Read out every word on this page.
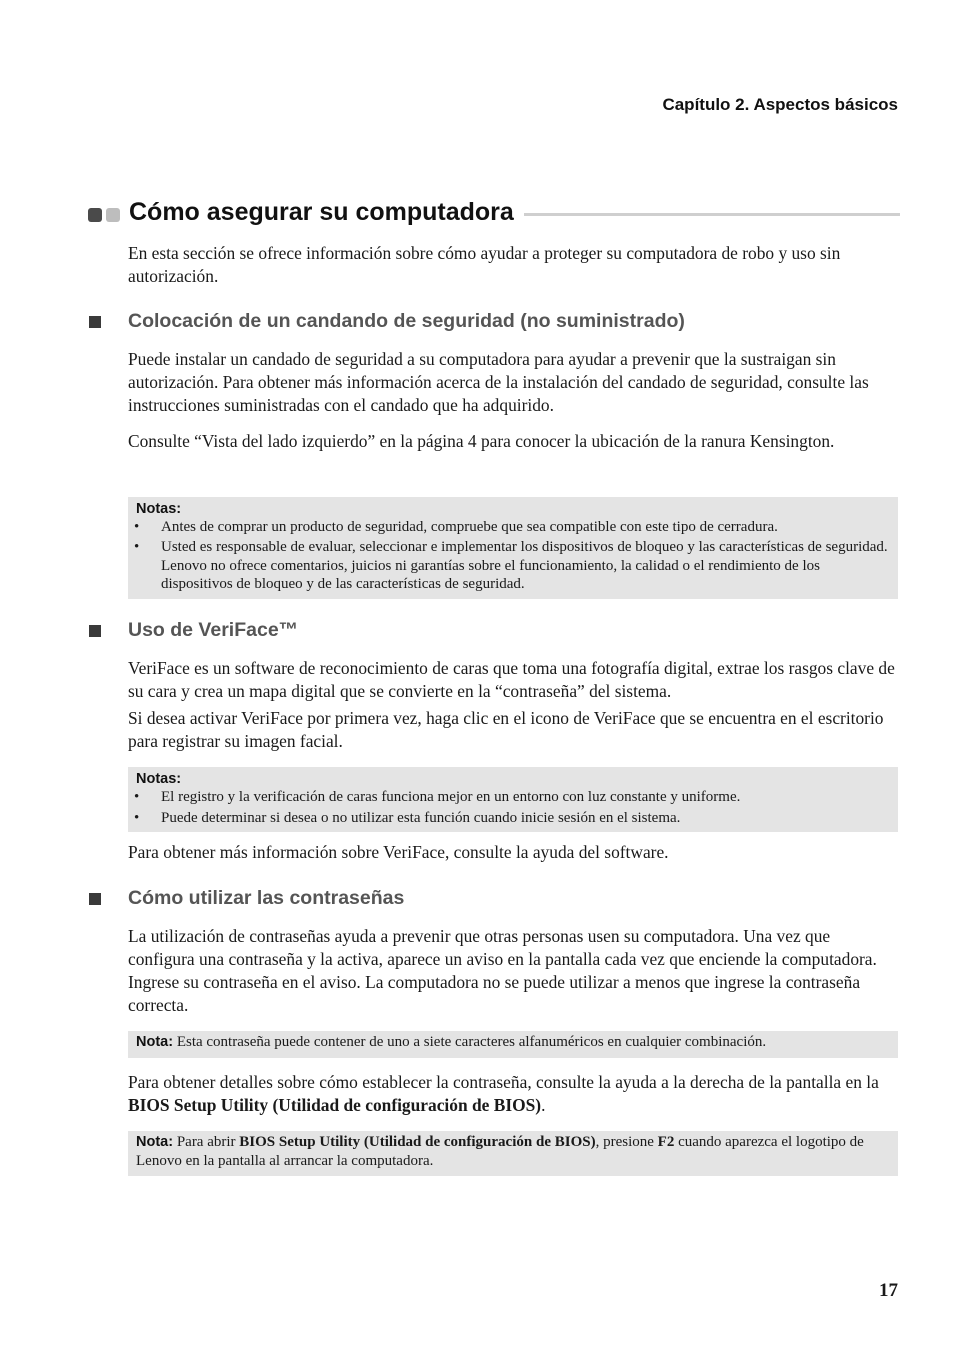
Capítulo 2. Aspectos básicos
Cómo asegurar su computadora

En esta sección se ofrece información sobre cómo ayudar a proteger su computadora de robo y uso sin autorización.

Colocación de un candando de seguridad (no suministrado)

Puede instalar un candado de seguridad a su computadora para ayudar a prevenir que la sustraigan sin autorización. Para obtener más información acerca de la instalación del candado de seguridad, consulte las instrucciones suministradas con el candado que ha adquirido.

Consulte “Vista del lado izquierdo” en la página 4 para conocer la ubicación de la ranura Kensington.

Notas:
• Antes de comprar un producto de seguridad, compruebe que sea compatible con este tipo de cerradura.
• Usted es responsable de evaluar, seleccionar e implementar los dispositivos de bloqueo y las características de seguridad. Lenovo no ofrece comentarios, juicios ni garantías sobre el funcionamiento, la calidad o el rendimiento de los dispositivos de bloqueo y de las características de seguridad.
Uso de VeriFace™

VeriFace es un software de reconocimiento de caras que toma una fotografía digital, extrae los rasgos clave de su cara y crea un mapa digital que se convierte en la “contraseña” del sistema.

Si desea activar VeriFace por primera vez, haga clic en el icono de VeriFace que se encuentra en el escritorio para registrar su imagen facial.

Notas:
• El registro y la verificación de caras funciona mejor en un entorno con luz constante y uniforme.
• Puede determinar si desea o no utilizar esta función cuando inicie sesión en el sistema.

Para obtener más información sobre VeriFace, consulte la ayuda del software.

Cómo utilizar las contraseñas

La utilización de contraseñas ayuda a prevenir que otras personas usen su computadora. Una vez que configura una contraseña y la activa, aparece un aviso en la pantalla cada vez que enciende la computadora. Ingrese su contraseña en el aviso. La computadora no se puede utilizar a menos que ingrese la contraseña correcta.

Nota: Esta contraseña puede contener de uno a siete caracteres alfanuméricos en cualquier combinación.

Para obtener detalles sobre cómo establecer la contraseña, consulte la ayuda a la derecha de la pantalla en la BIOS Setup Utility (Utilidad de configuración de BIOS).

Nota: Para abrir BIOS Setup Utility (Utilidad de configuración de BIOS), presione F2 cuando aparezca el logotipo de Lenovo en la pantalla al arrancar la computadora.
17
